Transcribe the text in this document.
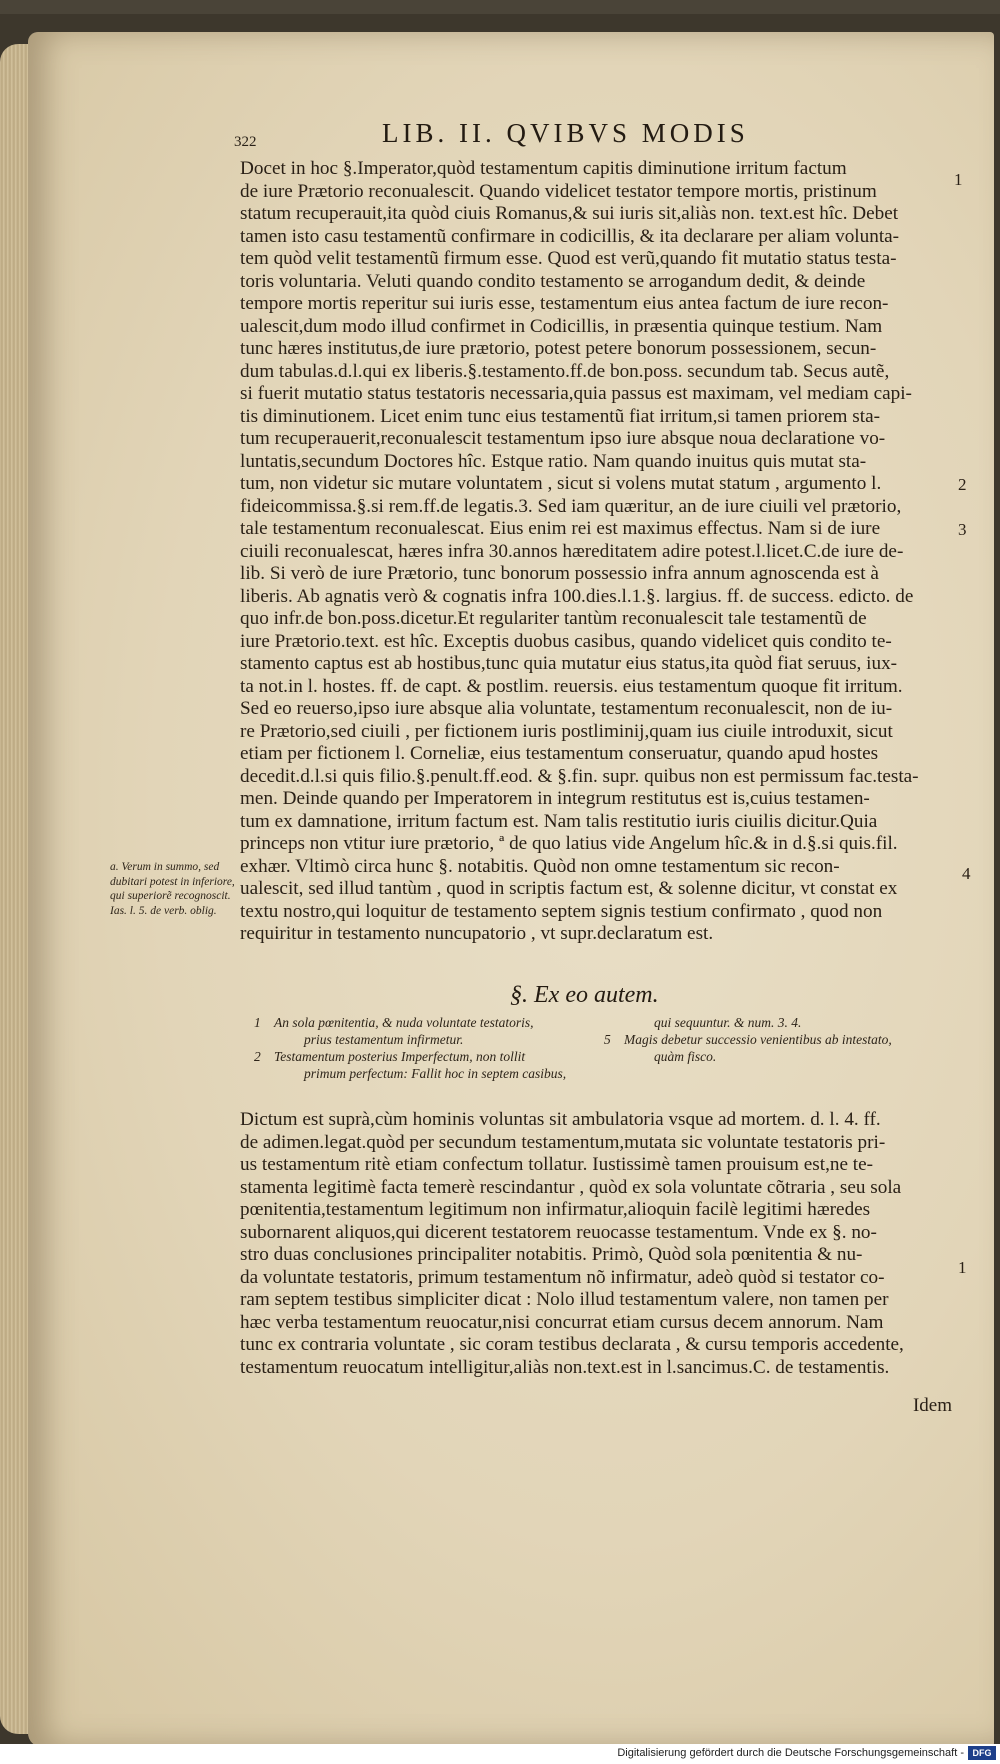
322	LIB. II. QVIBVS MODIS
Docet in hoc §.Imperator,quòd testamentum capitis diminutione irritum factum
de iure Prætorio reconualescit. Quando videlicet testator tempore mortis, pristinum
statum recuperauit,ita quòd ciuis Romanus,& sui iuris sit,aliàs non. text.est hîc. Debet
tamen isto casu testamentũ confirmare in codicillis, & ita declarare per aliam volunta-
tem quòd velit testamentũ firmum esse. Quod est verũ,quando fit mutatio status testa-
toris voluntaria. Veluti quando condito testamento se arrogandum dedit, & deinde
tempore mortis reperitur sui iuris esse, testamentum eius antea factum de iure recon-
ualescit,dum modo illud confirmet in Codicillis, in præsentia quinque testium. Nam
tunc hæres institutus,de iure prætorio, potest petere bonorum possessionem, secun-
dum tabulas.d.l.qui ex liberis.§.testamento.ff.de bon.poss. secundum tab. Secus autẽ,
si fuerit mutatio status testatoris necessaria,quia passus est maximam, vel mediam capi-
tis diminutionem. Licet enim tunc eius testamentũ fiat irritum,si tamen priorem sta-
tum recuperauerit,reconualescit testamentum ipso iure absque noua declaratione vo-
luntatis,secundum Doctores hîc. Estque ratio. Nam quando inuitus quis mutat sta-
tum, non videtur sic mutare voluntatem , sicut si volens mutat statum , argumento l.
fideicommissa.§.si rem.ff.de legatis.3. Sed iam quæritur, an de iure ciuili vel prætorio,
tale testamentum reconualescat. Eius enim rei est maximus effectus. Nam si de iure
ciuili reconualescat, hæres infra 30.annos hæreditatem adire potest.l.licet.C.de iure de-
lib. Si verò de iure Prætorio, tunc bonorum possessio infra annum agnoscenda est à
liberis. Ab agnatis verò & cognatis infra 100.dies.l.1.§. largius. ff. de success. edicto. de
quo infr.de bon.poss.dicetur.Et regulariter tantùm reconualescit tale testamentũ de
iure Prætorio.text. est hîc. Exceptis duobus casibus, quando videlicet quis condito te-
stamento captus est ab hostibus,tunc quia mutatur eius status,ita quòd fiat seruus, iux-
ta not.in l. hostes. ff. de capt. & postlim. reuersis. eius testamentum quoque fit irritum.
Sed eo reuerso,ipso iure absque alia voluntate, testamentum reconualescit, non de iu-
re Prætorio,sed ciuili , per fictionem iuris postliminij,quam ius ciuile introduxit, sicut
etiam per fictionem l. Corneliæ, eius testamentum conseruatur, quando apud hostes
decedit.d.l.si quis filio.§.penult.ff.eod. & §.fin. supr. quibus non est permissum fac.testa-
men. Deinde quando per Imperatorem in integrum restitutus est is,cuius testamen-
tum ex damnatione, irritum factum est. Nam talis restitutio iuris ciuilis dicitur.Quia
princeps non vtitur iure prætorio, ª de quo latius vide Angelum hîc.& in d.§.si quis.fil.
exhær. Vltimò circa hunc §. notabitis. Quòd non omne testamentum sic recon-
ualescit, sed illud tantùm , quod in scriptis factum est, & solenne dicitur, vt constat ex
textu nostro,qui loquitur de testamento septem signis testium confirmato , quod non
requiritur in testamento nuncupatorio , vt supr.declaratum est.
1
2
3
4
a. Verum in summo, sed dubitari potest in inferiore, qui superiorẽ recognoscit. Ias. l. 5. de verb. oblig.
§. Ex eo autem.
1 An sola pœnitentia, & nuda voluntate testatoris,
prius testamentum infirmetur.
2 Testamentum posterius Imperfectum, non tollit
primum perfectum: Fallit hoc in septem casibus,
qui sequuntur. & num. 3. 4.
5 Magis debetur successio venientibus ab intestato,
quàm fisco.
Dictum est suprà,cùm hominis voluntas sit ambulatoria vsque ad mortem. d. l. 4. ff.
de adimen.legat.quòd per secundum testamentum,mutata sic voluntate testatoris pri-
us testamentum ritè etiam confectum tollatur. Iustissimè tamen prouisum est,ne te-
stamenta legitimè facta temerè rescindantur , quòd ex sola voluntate cõtraria , seu sola
pœnitentia,testamentum legitimum non infirmatur,alioquin facilè legitimi hæredes
subornarent aliquos,qui dicerent testatorem reuocasse testamentum. Vnde ex §. no-
stro duas conclusiones principaliter notabitis. Primò, Quòd sola pœnitentia & nu-
da voluntate testatoris, primum testamentum nõ infirmatur, adeò quòd si testator co-
ram septem testibus simpliciter dicat : Nolo illud testamentum valere, non tamen per
hæc verba testamentum reuocatur,nisi concurrat etiam cursus decem annorum. Nam
tunc ex contraria voluntate , sic coram testibus declarata , & cursu temporis accedente,
testamentum reuocatum intelligitur,aliàs non.text.est in l.sancimus.C. de testamentis.
1
Idem
Digitalisierung gefördert durch die Deutsche Forschungsgemeinschaft - DFG
